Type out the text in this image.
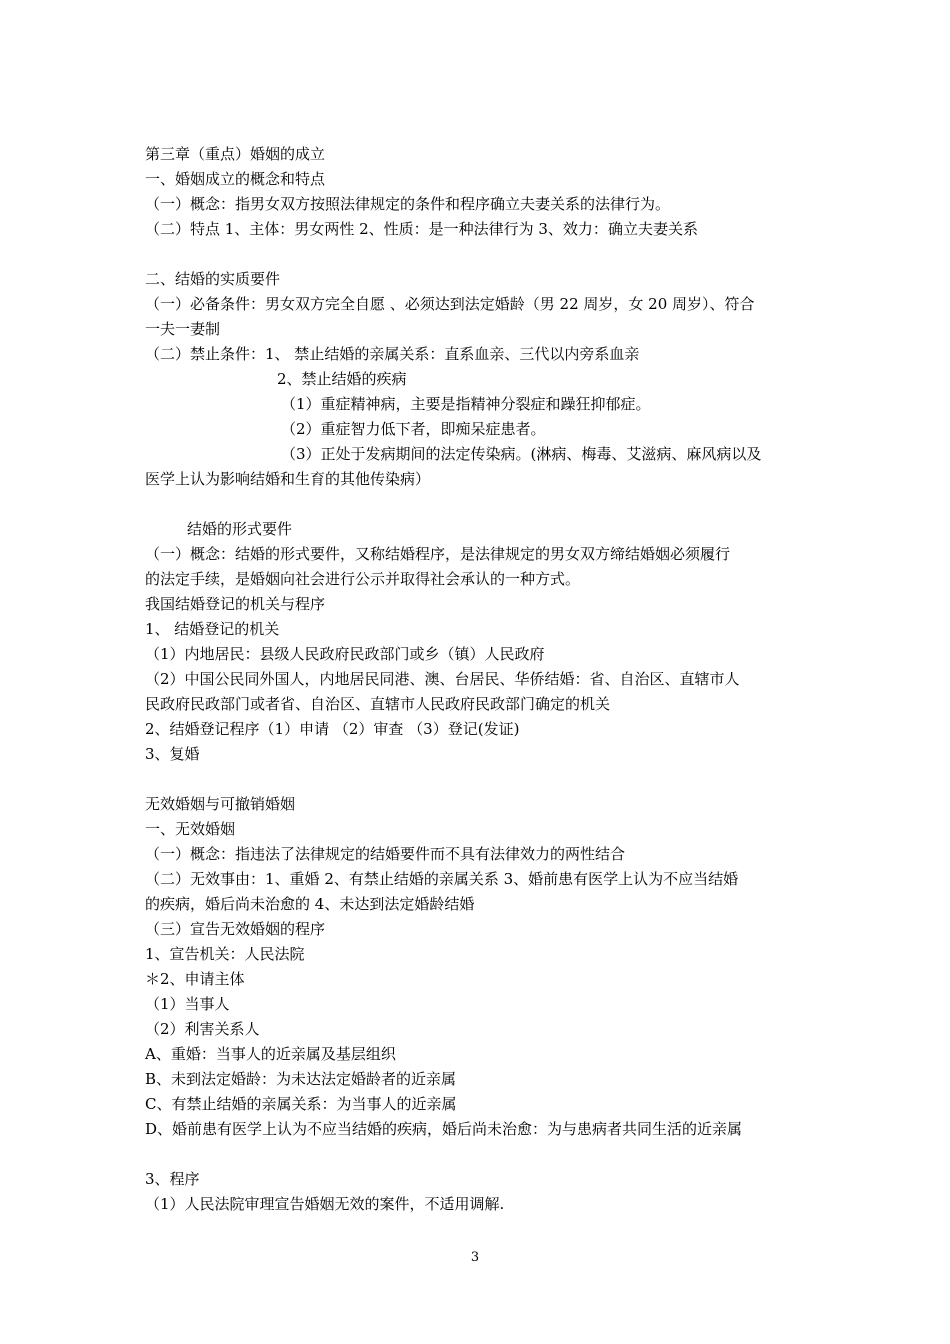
第三章（重点）婚姻的成立
一、婚姻成立的概念和特点
（一）概念：指男女双方按照法律规定的条件和程序确立夫妻关系的法律行为。
（二）特点 1、主体：男女两性 2、性质：是一种法律行为 3、效力：确立夫妻关系
二、结婚的实质要件
（一）必备条件：男女双方完全自愿 、必须达到法定婚龄（男 22 周岁，女 20 周岁）、符合
一夫一妻制
（二）禁止条件：1、 禁止结婚的亲属关系：直系血亲、三代以内旁系血亲
2、禁止结婚的疾病
（1）重症精神病，主要是指精神分裂症和躁狂抑郁症。
（2）重症智力低下者，即痴呆症患者。
（3）正处于发病期间的法定传染病。(淋病、梅毒、艾滋病、麻风病以及
医学上认为影响结婚和生育的其他传染病）
结婚的形式要件
（一）概念：结婚的形式要件，又称结婚程序，是法律规定的男女双方缔结婚姻必须履行
的法定手续，是婚姻向社会进行公示并取得社会承认的一种方式。
我国结婚登记的机关与程序
1、 结婚登记的机关
（1）内地居民：县级人民政府民政部门或乡（镇）人民政府
（2）中国公民同外国人，内地居民同港、澳、台居民、华侨结婚：省、自治区、直辖市人
民政府民政部门或者省、自治区、直辖市人民政府民政部门确定的机关
2、结婚登记程序（1）申请 （2）审查 （3）登记(发证)
3、复婚
无效婚姻与可撤销婚姻
一、无效婚姻
（一）概念：指违法了法律规定的结婚要件而不具有法律效力的两性结合
（二）无效事由：1、重婚 2、有禁止结婚的亲属关系 3、婚前患有医学上认为不应当结婚
的疾病，婚后尚未治愈的 4、未达到法定婚龄结婚
（三）宣告无效婚姻的程序
1、宣告机关：人民法院
＊2、申请主体
（1）当事人
（2）利害关系人
A、重婚：当事人的近亲属及基层组织
B、未到法定婚龄：为未达法定婚龄者的近亲属
C、有禁止结婚的亲属关系：为当事人的近亲属
D、婚前患有医学上认为不应当结婚的疾病，婚后尚未治愈：为与患病者共同生活的近亲属
3、程序
（1）人民法院审理宣告婚姻无效的案件，不适用调解.
3
